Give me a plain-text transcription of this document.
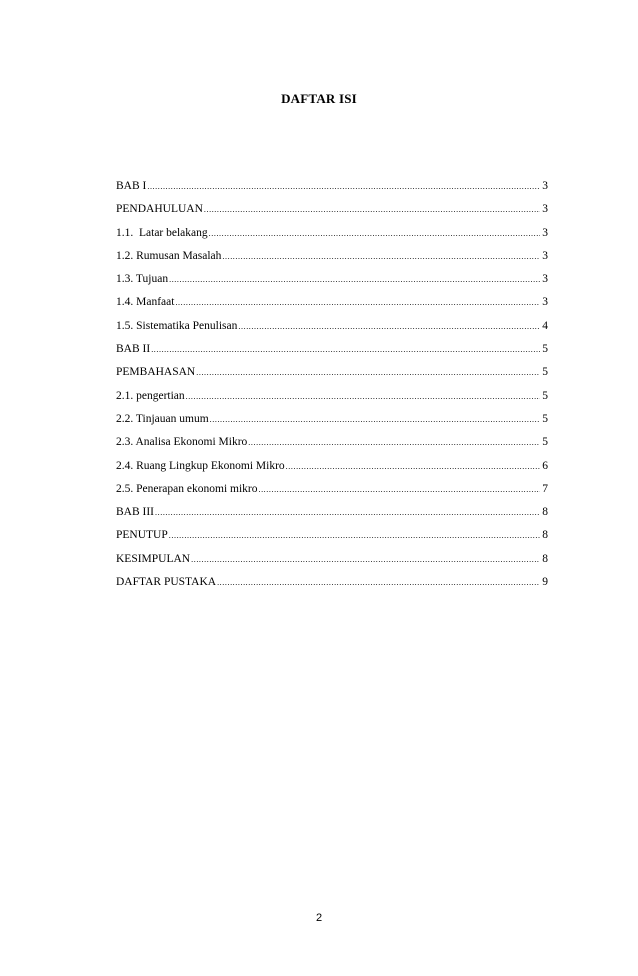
DAFTAR ISI
BAB I .....	3
PENDAHULUAN .....	3
1.1.  Latar belakang .....	3
1.2. Rumusan Masalah .....	3
1.3. Tujuan .....	3
1.4. Manfaat .....	3
1.5. Sistematika Penulisan .....	4
BAB II .....	5
PEMBAHASAN .....	5
2.1. pengertian .....	5
2.2. Tinjauan umum .....	5
2.3. Analisa Ekonomi Mikro .....	5
2.4. Ruang Lingkup Ekonomi Mikro .....	6
2.5. Penerapan ekonomi mikro .....	7
BAB III .....	8
PENUTUP .....	8
KESIMPULAN .....	8
DAFTAR PUSTAKA .....	9
2
